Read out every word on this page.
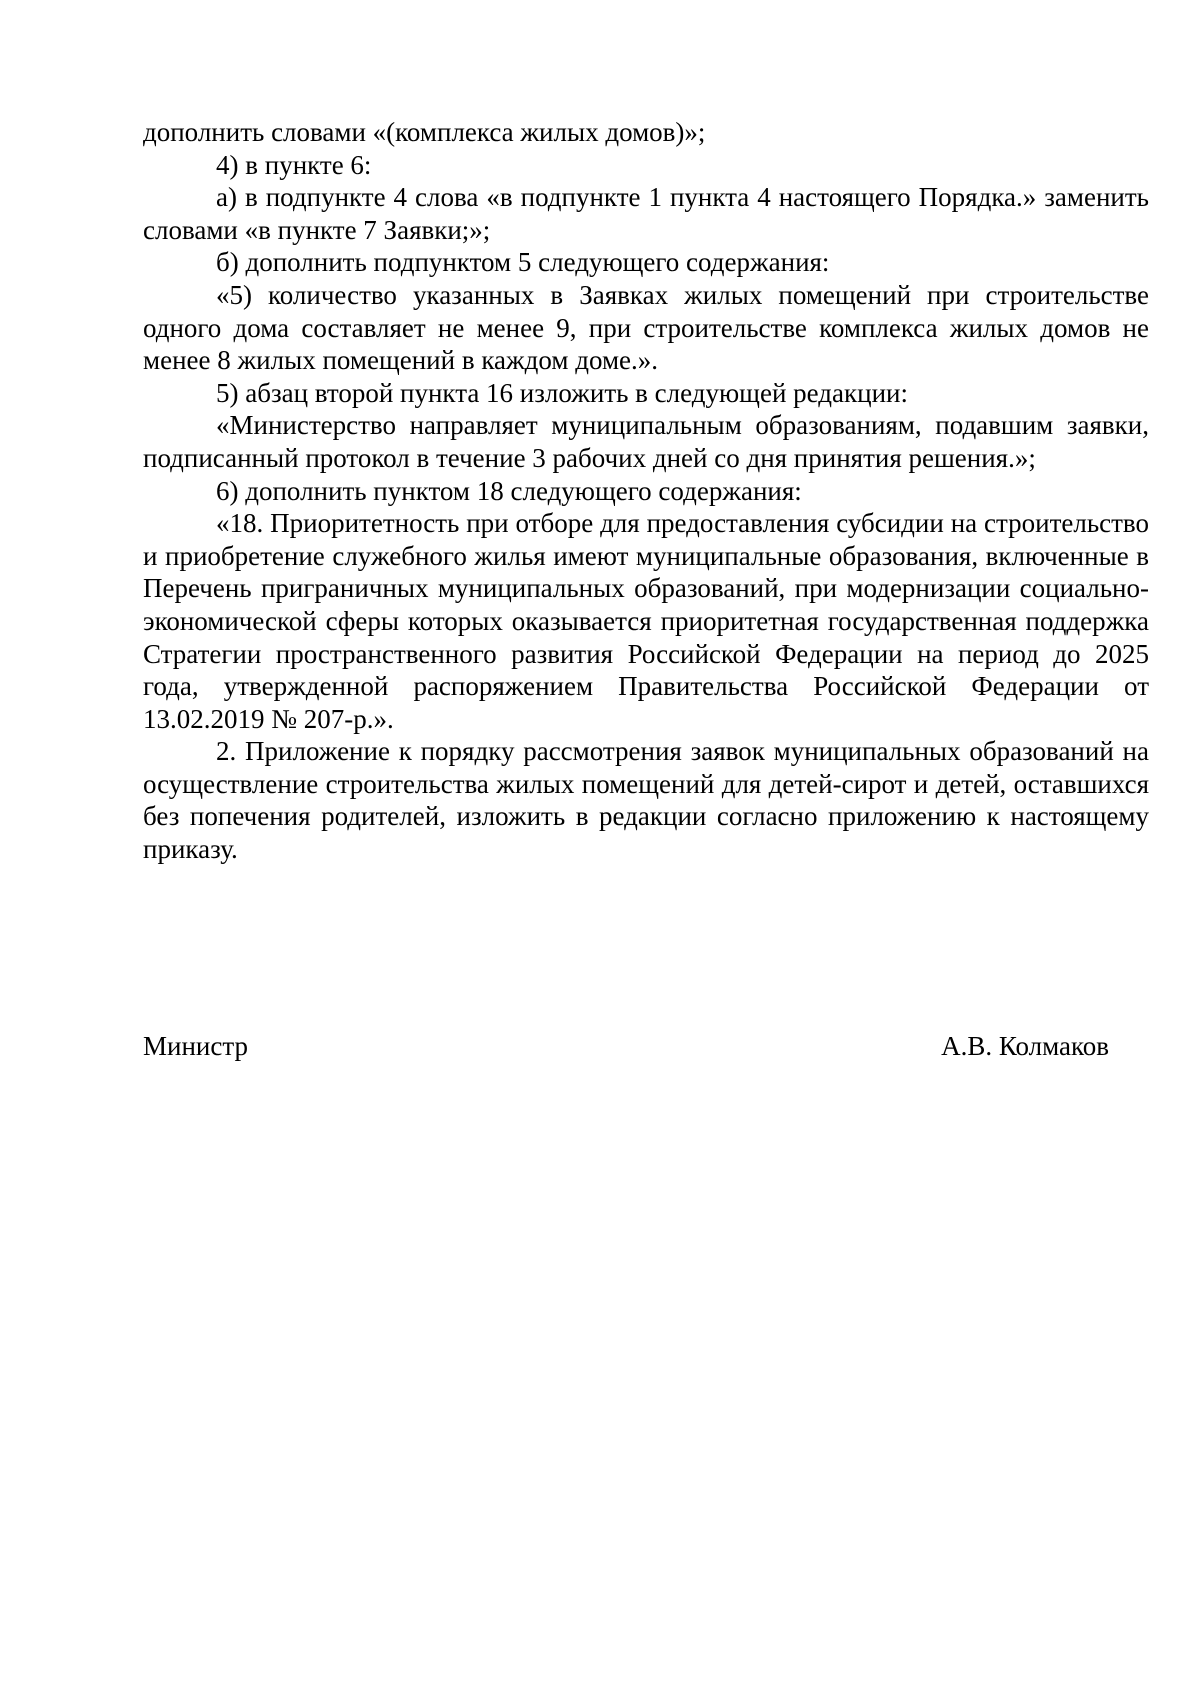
дополнить словами «(комплекса жилых домов)»;

4) в пункте 6:

а) в подпункте 4 слова «в подпункте 1 пункта 4 настоящего Порядка.» заменить словами «в пункте 7 Заявки;»;

б) дополнить подпунктом 5 следующего содержания:

«5) количество указанных в Заявках жилых помещений при строительстве одного дома составляет не менее 9, при строительстве комплекса жилых домов не менее 8 жилых помещений в каждом доме.».

5) абзац второй пункта 16 изложить в следующей редакции:

«Министерство направляет муниципальным образованиям, подавшим заявки, подписанный протокол в течение 3 рабочих дней со дня принятия решения.»;

6) дополнить пунктом 18 следующего содержания:

«18. Приоритетность при отборе для предоставления субсидии на строительство и приобретение служебного жилья имеют муниципальные образования, включенные в Перечень приграничных муниципальных образований, при модернизации социально-экономической сферы которых оказывается приоритетная государственная поддержка Стратегии пространственного развития Российской Федерации на период до 2025 года, утвержденной распоряжением Правительства Российской Федерации от 13.02.2019 № 207-р.».

2. Приложение к порядку рассмотрения заявок муниципальных образований на осуществление строительства жилых помещений для детей-сирот и детей, оставшихся без попечения родителей, изложить в редакции согласно приложению к настоящему приказу.

Министр	А.В. Колмаков
